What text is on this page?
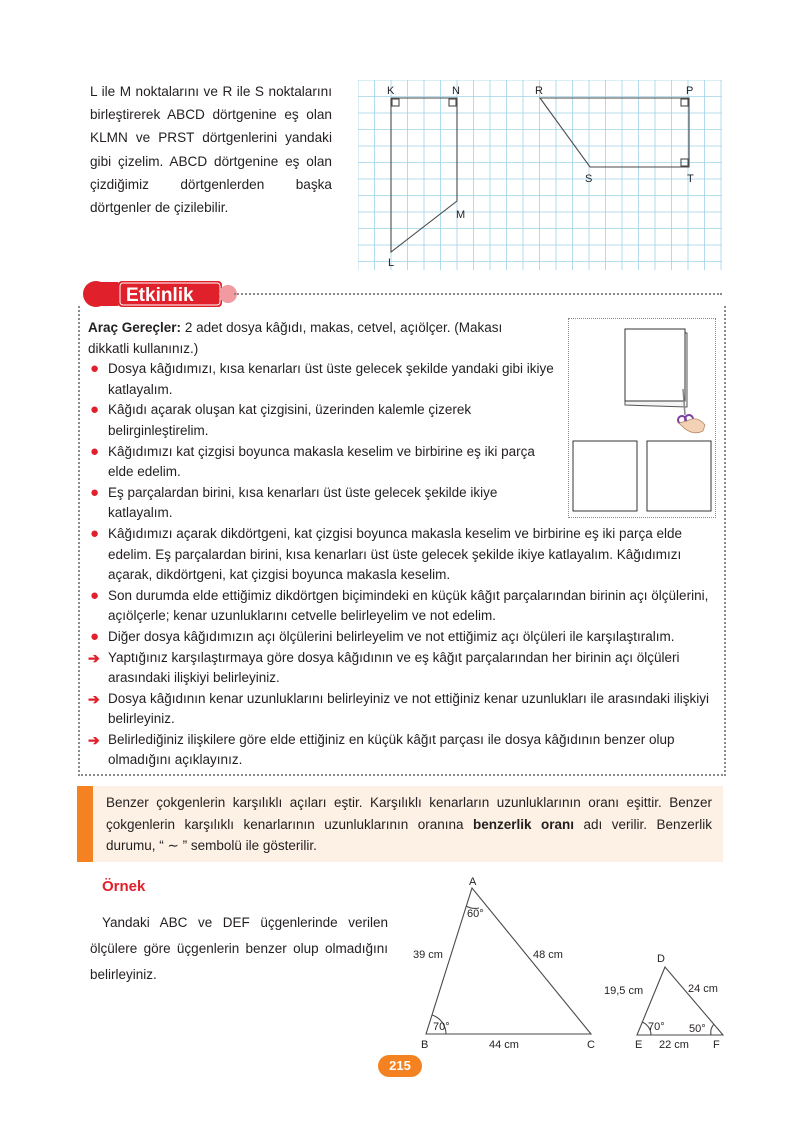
L ile M noktalarını ve R ile S noktalarını birleştirerek ABCD dörtgenine eş olan KLMN ve PRST dörtgenlerini yandaki gibi çizelim. ABCD dörtgenine eş olan çizdiğimiz dörtgenlerden başka dörtgenler de çizilebilir.
K	N
M
L
R	P
S	T
Etkinlik

Araç Gereçler: 2 adet dosya kâğıdı, makas, cetvel, açıölçer. (Makası dikkatli kullanınız.)

● Dosya kâğıdımızı, kısa kenarları üst üste gelecek şekilde yandaki gibi ikiye katlayalım.

● Kâğıdı açarak oluşan kat çizgisini, üzerinden kalemle çizerek belirginleştirelim.

● Kâğıdımızı kat çizgisi boyunca makasla keselim ve birbirine eş iki parça elde edelim.

● Eş parçalardan birini, kısa kenarları üst üste gelecek şekilde ikiye katlayalım.

● Kâğıdımızı açarak dikdörtgeni, kat çizgisi boyunca makasla keselim ve birbirine eş iki parça elde edelim. Eş parçalardan birini, kısa kenarları üst üste gelecek şekilde ikiye katlayalım. Kâğıdımızı açarak, dikdörtgeni, kat çizgisi boyunca makasla keselim.

● Son durumda elde ettiğimiz dikdörtgen biçimindeki en küçük kâğıt parçalarından birinin açı ölçülerini, açıölçerle; kenar uzunluklarını cetvelle belirleyelim ve not edelim.

● Diğer dosya kâğıdımızın açı ölçülerini belirleyelim ve not ettiğimiz açı ölçüleri ile karşılaştıralım.

➔ Yaptığınız karşılaştırmaya göre dosya kâğıdının ve eş kâğıt parçalarından her birinin açı ölçüleri arasındaki ilişkiyi belirleyiniz.

➔ Dosya kâğıdının kenar uzunluklarını belirleyiniz ve not ettiğiniz kenar uzunlukları ile arasındaki ilişkiyi belirleyiniz.

➔ Belirlediğiniz ilişkilere göre elde ettiğiniz en küçük kâğıt parçası ile dosya kâğıdının benzer olup olmadığını açıklayınız.

Benzer çokgenlerin karşılıklı açıları eştir. Karşılıklı kenarların uzunluklarının oranı eşittir. Benzer çokgenlerin karşılıklı kenarlarının uzunluklarının oranına benzerlik oranı adı verilir. Benzerlik durumu, “ ∼ ” sembolü ile gösterilir.
Örnek
Yandaki ABC ve DEF üçgenlerinde verilen ölçülere göre üçgenlerin benzer olup olmadığını belirleyiniz.
A
60°
39 cm	48 cm
70°
B	C
44 cm
D
19,5 cm	24 cm
70° 50°
E 22 cm F
215
